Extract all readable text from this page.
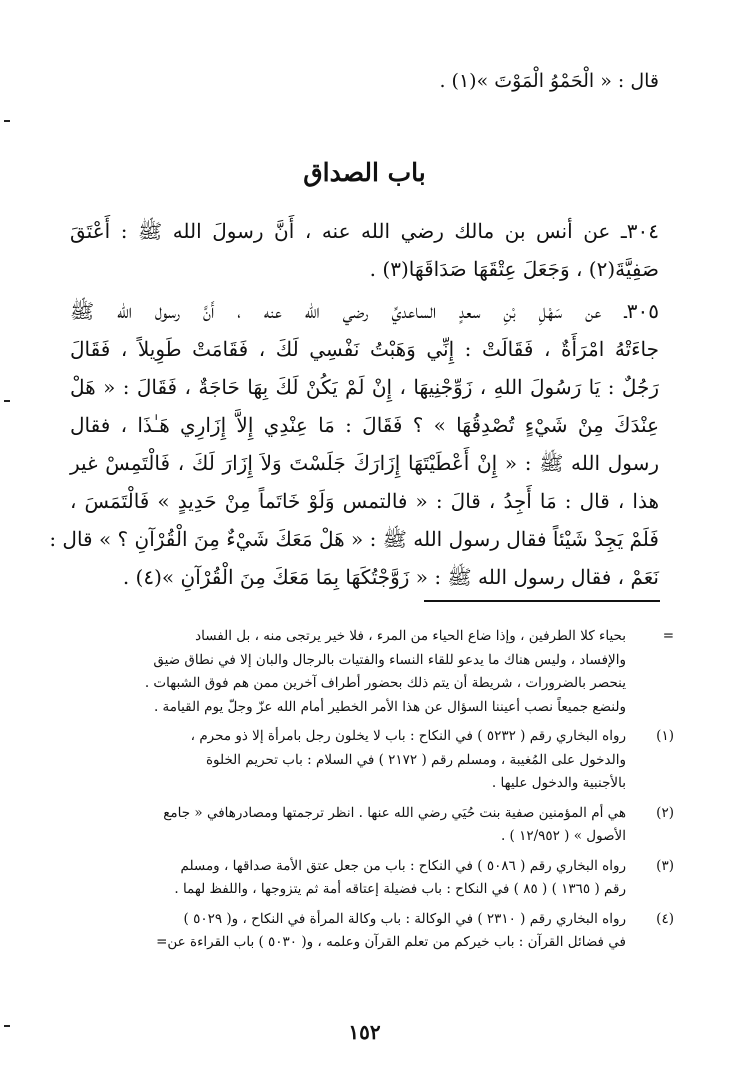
قال : « الْحَمْوُ الْمَوْتَ »(١) .
باب الصداق
٣٠٤ـ عن أنس بن مالك رضي الله عنه ، أَنَّ رسولَ الله ﷺ : أَعْتَقَ
صَفِيَّةَ(٢) ، وَجَعَلَ عِتْقَهَا صَدَاقَهَا(٣) .
٣٠٥ـ عن سَهْلِ بْنِ سعدٍ الساعديِّ رضي الله عنه ، أَنَّ رسول الله ﷺ
جاءَتْهُ امْرَأَةٌ ، فَقَالَتْ : إِنِّي وَهَبْتُ نَفْسِي لَكَ ، فَقَامَتْ طَوِيلاً ، فَقَالَ
رَجُلٌ : يَا رَسُولَ اللهِ ، زَوِّجْنِيهَا ، إِنْ لَمْ يَكُنْ لَكَ بِهَا حَاجَةٌ ، فَقَالَ : « هَلْ
عِنْدَكَ مِنْ شَيْءٍ تُصْدِقُهَا » ؟ فَقَالَ : مَا عِنْدِي إِلاَّ إِزَارِي هَـٰذَا ، فقال
رسول الله ﷺ : « إِنْ أَعْطَيْتَهَا إِزَارَكَ جَلَسْتَ وَلاَ إِزَارَ لَكَ ، فَالْتَمِسْ غير
هذا ، قال : مَا أَجِدُ ، قالَ : « فالتمس وَلَوْ خَاتَماً مِنْ حَدِيدٍ » فَالْتَمَسَ ،
فَلَمْ يَجِدْ شَيْئاً فقال رسول الله ﷺ : « هَلْ مَعَكَ شَيْءٌ مِنَ الْقُرْآنِ ؟ » قال :
نَعَمْ ، فقال رسول الله ﷺ : « زَوَّجْتُكَهَا بِمَا مَعَكَ مِنَ الْقُرْآنِ »(٤) .
=
بحياء كلا الطرفين ، وإذا ضاع الحياء من المرء ، فلا خير يرتجى منه ، بل الفساد
والإفساد ، وليس هناك ما يدعو للقاء النساء والفتيات بالرجال والبان إلا في نطاق ضيق
ينحصر بالضرورات ، شريطة أن يتم ذلك بحضور أطراف آخرين ممن هم فوق الشبهات .
ولنضع جميعاً نصب أعيننا السؤال عن هذا الأمر الخطير أمام الله عزّ وجلّ يوم القيامة .
(١)
رواه البخاري رقم ( ٥٢٣٢ ) في النكاح : باب لا يخلون رجل بامرأة إلا ذو محرم ،
والدخول على المُغيبة ، ومسلم رقم ( ٢١٧٢ ) في السلام : باب تحريم الخلوة
بالأجنبية والدخول عليها .
(٢)
هي أم المؤمنين صفية بنت حُيَي رضي الله عنها . انظر ترجمتها ومصادرهافي « جامع
الأصول » ( ١٢/٩٥٢ ) .
(٣)
رواه البخاري رقم ( ٥٠٨٦ ) في النكاح : باب من جعل عتق الأمة صداقها ، ومسلم
رقم ( ١٣٦٥ ) ( ٨٥ ) في النكاح : باب فضيلة إعتاقه أمة ثم يتزوجها ، واللفظ لهما .
(٤)
رواه البخاري رقم ( ٢٣١٠ ) في الوكالة : باب وكالة المرأة في النكاح ، و( ٥٠٢٩ )
في فضائل القرآن : باب خيركم من تعلم القرآن وعلمه ، و( ٥٠٣٠ ) باب القراءة عن=
١٥٢
